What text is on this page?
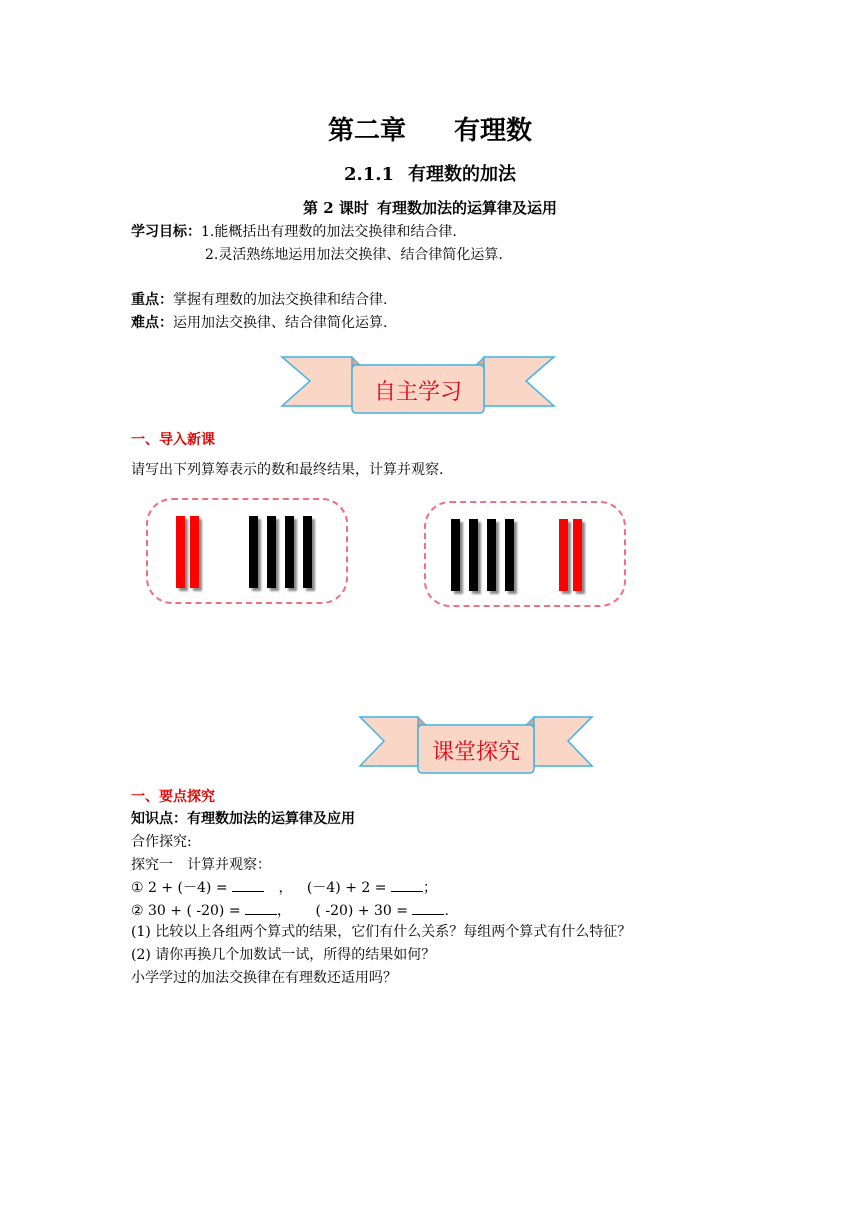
第二章 有理数
2.1.1 有理数的加法
第 2 课时 有理数加法的运算律及运用
学习目标：1.能概括出有理数的加法交换律和结合律.
2.灵活熟练地运用加法交换律、结合律简化运算.
重点：掌握有理数的加法交换律和结合律.
难点：运用加法交换律、结合律简化运算.
自主学习
一、导入新课
请写出下列算筹表示的数和最终结果，计算并观察.
课堂探究
一、要点探究
知识点：有理数加法的运算律及应用
合作探究:
探究一 计算并观察：
① 2 + (－4) =	， (－4) + 2 =	；
② 30 + ( -20) =	， ( -20) + 30 =	.
(1) 比较以上各组两个算式的结果，它们有什么关系？每组两个算式有什么特征？
(2) 请你再换几个加数试一试，所得的结果如何？
小学学过的加法交换律在有理数还适用吗？
